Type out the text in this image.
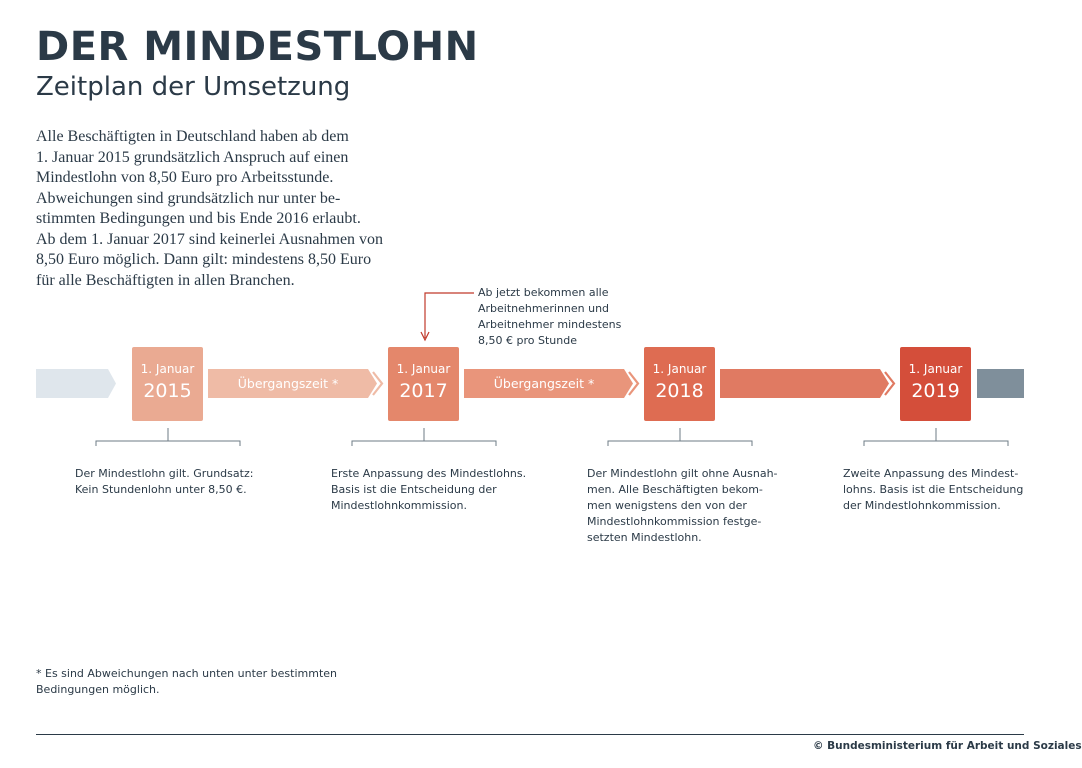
DER MINDESTLOHN
Zeitplan der Umsetzung
Alle Beschäftigten in Deutschland haben ab dem
1. Januar 2015 grundsätzlich Anspruch auf einen
Mindestlohn von 8,50 Euro pro Arbeitsstunde.
Abweichungen sind grundsätzlich nur unter be-
stimmten Bedingungen und bis Ende 2016 erlaubt.
Ab dem 1. Januar 2017 sind keinerlei Ausnahmen von
8,50 Euro möglich. Dann gilt: mindestens 8,50 Euro
für alle Beschäftigten in allen Branchen.
Ab jetzt bekommen alle
Arbeitnehmerinnen und
Arbeitnehmer mindestens
8,50 € pro Stunde
Übergangszeit *	Übergangszeit *
1. Januar
2015
1. Januar
2017
1. Januar
2018
1. Januar
2019
Der Mindestlohn gilt. Grundsatz:
Kein Stundenlohn unter 8,50 €.
Erste Anpassung des Mindestlohns.
Basis ist die Entscheidung der
Mindestlohnkommission.
Der Mindestlohn gilt ohne Ausnah-
men. Alle Beschäftigten bekom-
men wenigstens den von der
Mindestlohnkommission festge-
setzten Mindestlohn.
Zweite Anpassung des Mindest-
lohns. Basis ist die Entscheidung
der Mindestlohnkommission.
* Es sind Abweichungen nach unten unter bestimmten
Bedingungen möglich.
© Bundesministerium für Arbeit und Soziales
